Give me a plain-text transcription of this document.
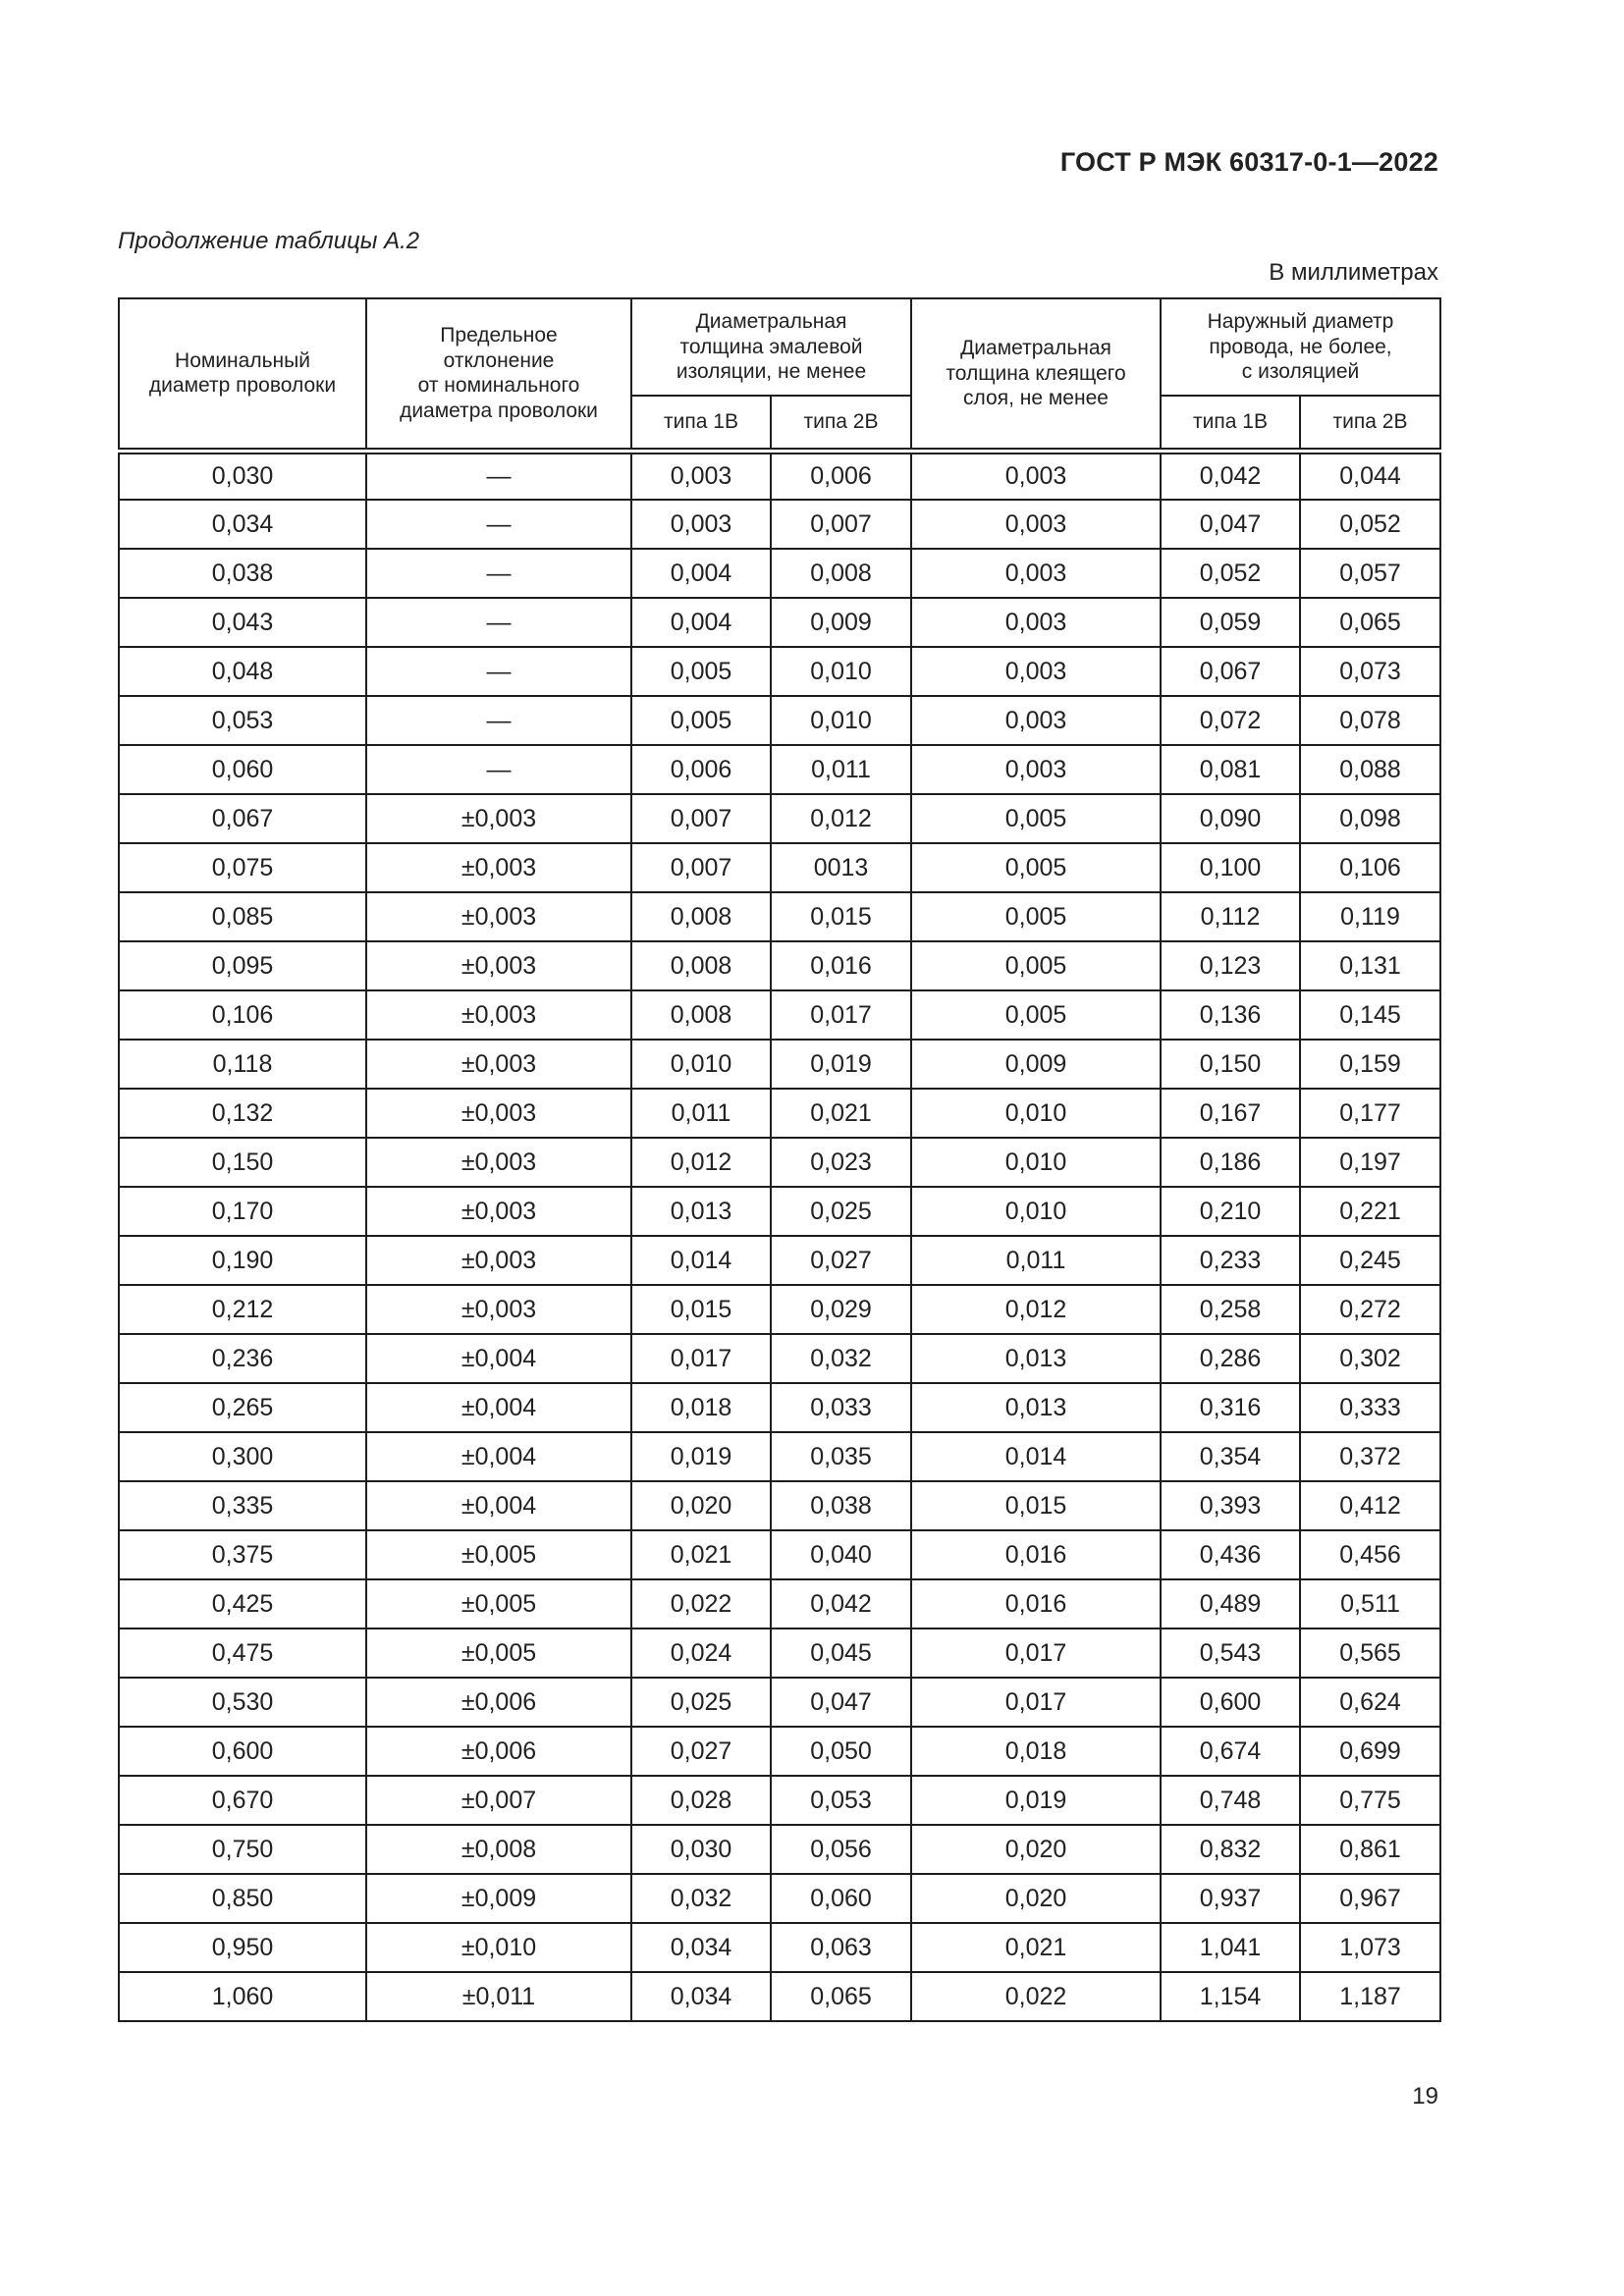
ГОСТ Р МЭК 60317-0-1—2022
Продолжение таблицы А.2
В миллиметрах
Номинальный
диаметр проволоки	Предельное
отклонение
от номинального
диаметра проволоки	Диаметральная
толщина эмалевой
изоляции, не менее		Диаметральная
толщина клеящего
слоя, не менее	Наружный диаметр
провода, не более,
с изоляцией	
		типа 1В	типа 2В		типа 1В	типа 2В
0,030	—	0,003	0,006	0,003	0,042	0,044
0,034	—	0,003	0,007	0,003	0,047	0,052
0,038	—	0,004	0,008	0,003	0,052	0,057
0,043	—	0,004	0,009	0,003	0,059	0,065
0,048	—	0,005	0,010	0,003	0,067	0,073
0,053	—	0,005	0,010	0,003	0,072	0,078
0,060	—	0,006	0,011	0,003	0,081	0,088
0,067	±0,003	0,007	0,012	0,005	0,090	0,098
0,075	±0,003	0,007	0013	0,005	0,100	0,106
0,085	±0,003	0,008	0,015	0,005	0,112	0,119
0,095	±0,003	0,008	0,016	0,005	0,123	0,131
0,106	±0,003	0,008	0,017	0,005	0,136	0,145
0,118	±0,003	0,010	0,019	0,009	0,150	0,159
0,132	±0,003	0,011	0,021	0,010	0,167	0,177
0,150	±0,003	0,012	0,023	0,010	0,186	0,197
0,170	±0,003	0,013	0,025	0,010	0,210	0,221
0,190	±0,003	0,014	0,027	0,011	0,233	0,245
0,212	±0,003	0,015	0,029	0,012	0,258	0,272
0,236	±0,004	0,017	0,032	0,013	0,286	0,302
0,265	±0,004	0,018	0,033	0,013	0,316	0,333
0,300	±0,004	0,019	0,035	0,014	0,354	0,372
0,335	±0,004	0,020	0,038	0,015	0,393	0,412
0,375	±0,005	0,021	0,040	0,016	0,436	0,456
0,425	±0,005	0,022	0,042	0,016	0,489	0,511
0,475	±0,005	0,024	0,045	0,017	0,543	0,565
0,530	±0,006	0,025	0,047	0,017	0,600	0,624
0,600	±0,006	0,027	0,050	0,018	0,674	0,699
0,670	±0,007	0,028	0,053	0,019	0,748	0,775
0,750	±0,008	0,030	0,056	0,020	0,832	0,861
0,850	±0,009	0,032	0,060	0,020	0,937	0,967
0,950	±0,010	0,034	0,063	0,021	1,041	1,073
1,060	±0,011	0,034	0,065	0,022	1,154	1,187
19
